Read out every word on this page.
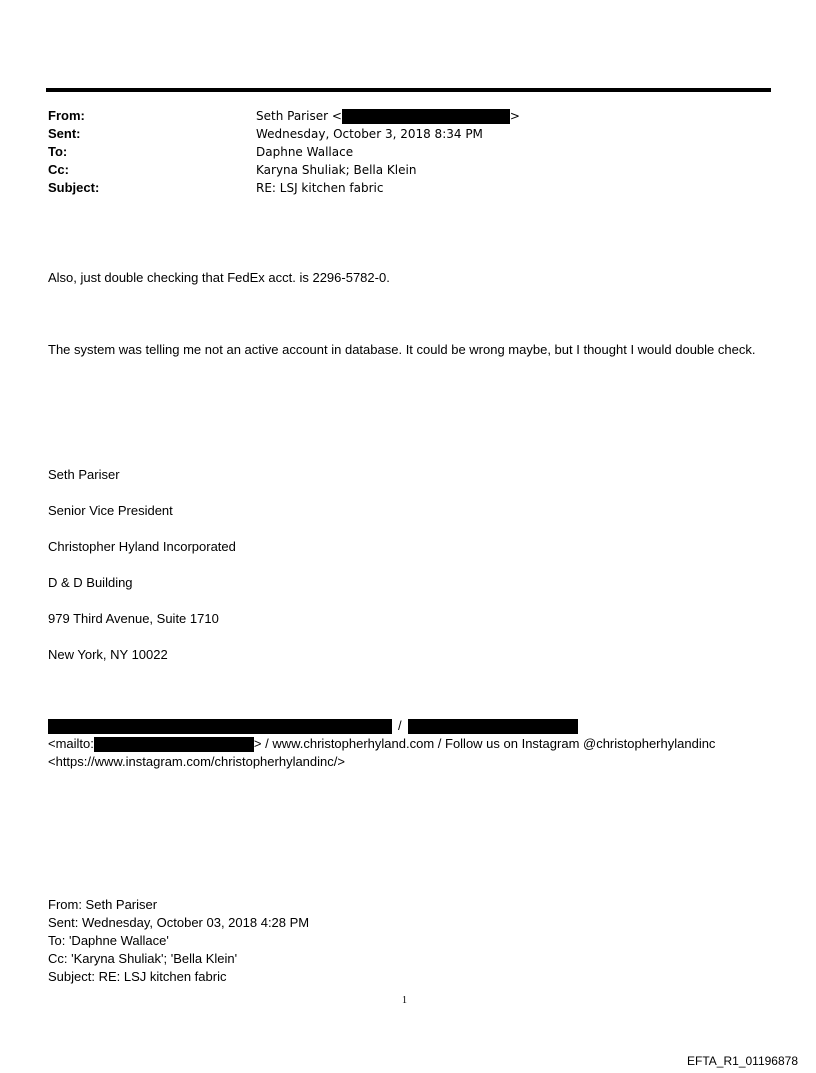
From:	Seth Pariser <	>
Sent:	Wednesday, October 3, 2018 8:34 PM
To:	Daphne Wallace
Cc:	Karyna Shuliak; Bella Klein
Subject:	RE: LSJ kitchen fabric
Also, just double checking that FedEx acct. is 2296-5782-0.
The system was telling me not an active account in database. It could be wrong maybe, but I thought I would double check.
Seth Pariser
Senior Vice President
Christopher Hyland Incorporated
D & D Building
979 Third Avenue, Suite 1710
New York, NY 10022
/
<mailto:	> / www.christopherhyland.com / Follow us on Instagram @christopherhylandinc
<https://www.instagram.com/christopherhylandinc/>
From: Seth Pariser
Sent: Wednesday, October 03, 2018 4:28 PM
To: 'Daphne Wallace'
Cc: 'Karyna Shuliak'; 'Bella Klein'
Subject: RE: LSJ kitchen fabric
1
EFTA_R1_01196878
